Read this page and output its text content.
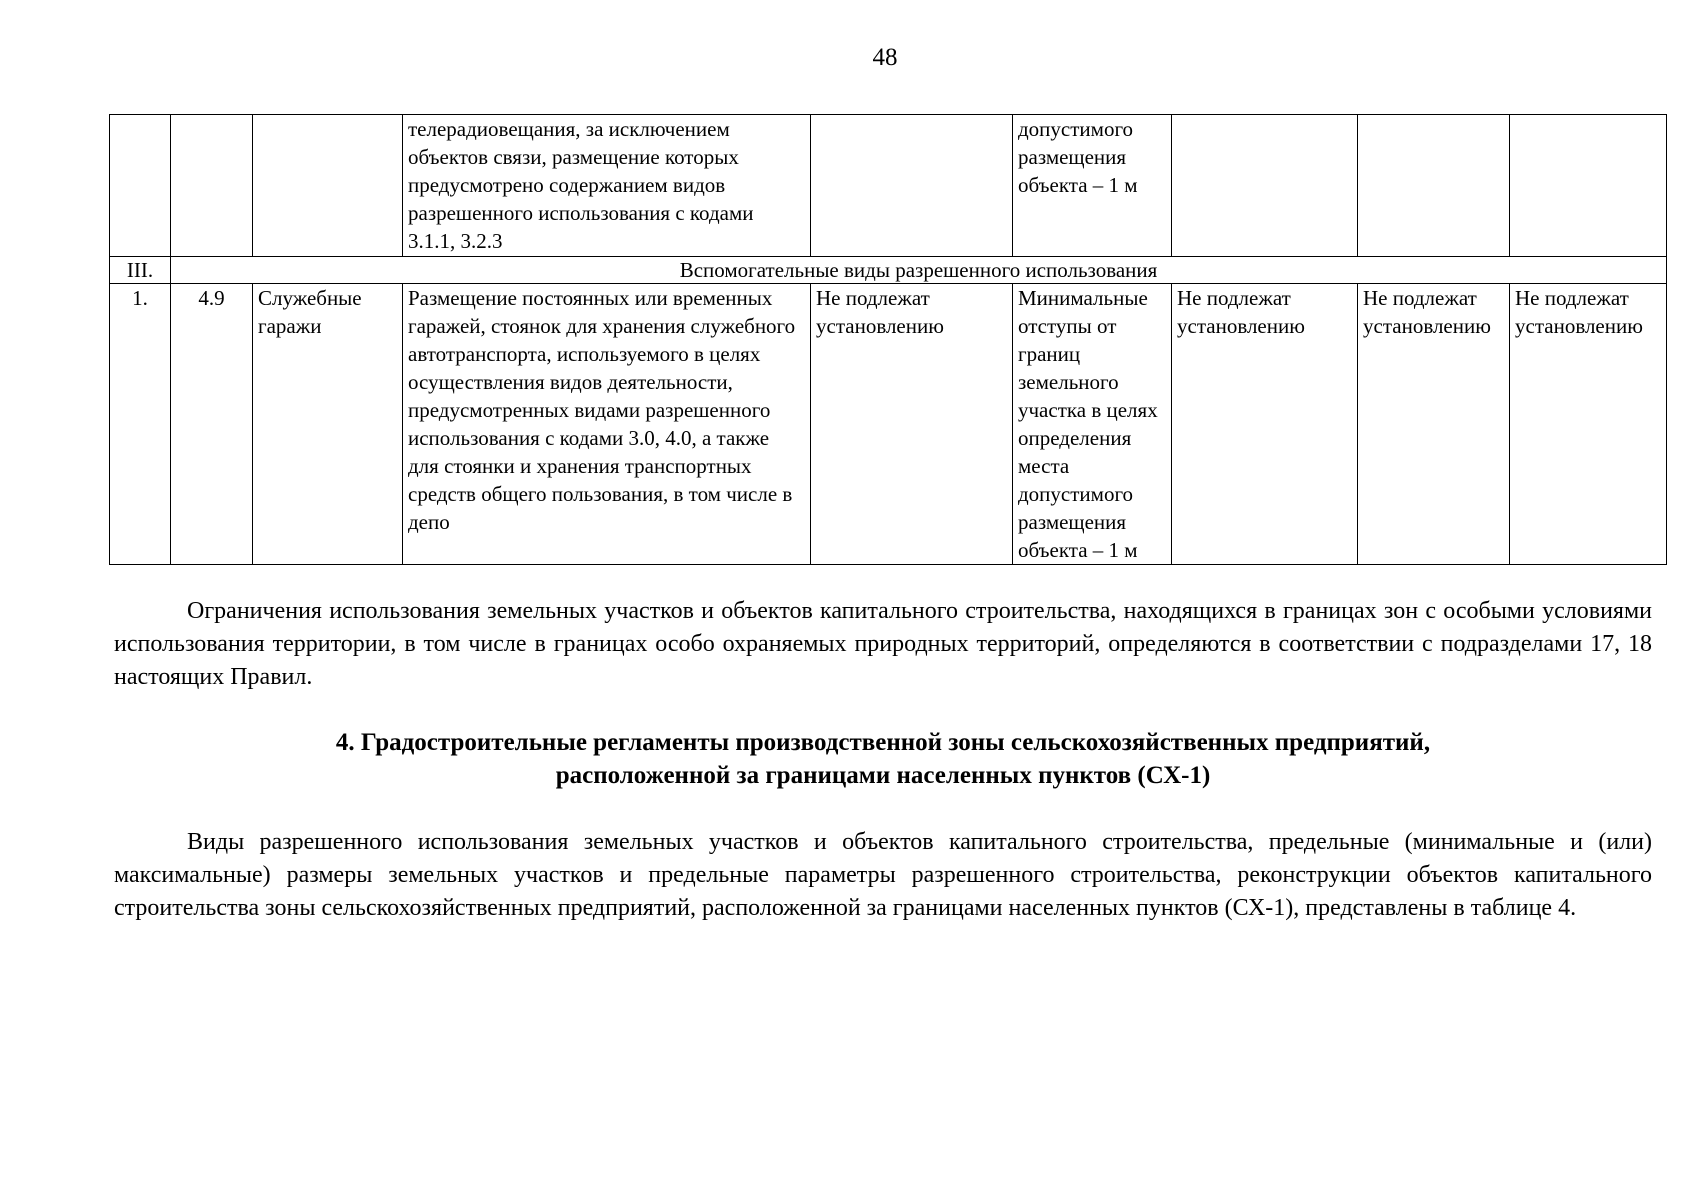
48
			телерадиовещания, за исключением объектов связи, размещение которых предусмотрено содержанием видов разрешенного использования с кодами 3.1.1, 3.2.3		допустимого размещения объекта – 1 м			
III.	Вспомогательные виды разрешенного использования							
1.	4.9	Служебные гаражи	Размещение постоянных или временных гаражей, стоянок для хранения служебного автотранспорта, используемого в целях осуществления видов деятельности, предусмотренных видами разрешенного использования с кодами 3.0, 4.0, а также для стоянки и хранения транспортных средств общего пользования, в том числе в депо	Не подлежат установлению	Минимальные отступы от границ земельного участка в целях определения места допустимого размещения объекта – 1 м	Не подлежат установлению	Не подлежат установлению	Не подлежат установлению

Ограничения использования земельных участков и объектов капитального строительства, находящихся в границах зон с особыми условиями использования территории, в том числе в границах особо охраняемых природных территорий, определяются в соответствии с подразделами 17, 18 настоящих Правил.

4. Градостроительные регламенты производственной зоны сельскохозяйственных предприятий,
расположенной за границами населенных пунктов (СХ-1)

Виды разрешенного использования земельных участков и объектов капитального строительства, предельные (минимальные и (или) максимальные) размеры земельных участков и предельные параметры разрешенного строительства, реконструкции объектов капитального строительства зоны сельскохозяйственных предприятий, расположенной за границами населенных пунктов (СХ-1), представлены в таблице 4.
